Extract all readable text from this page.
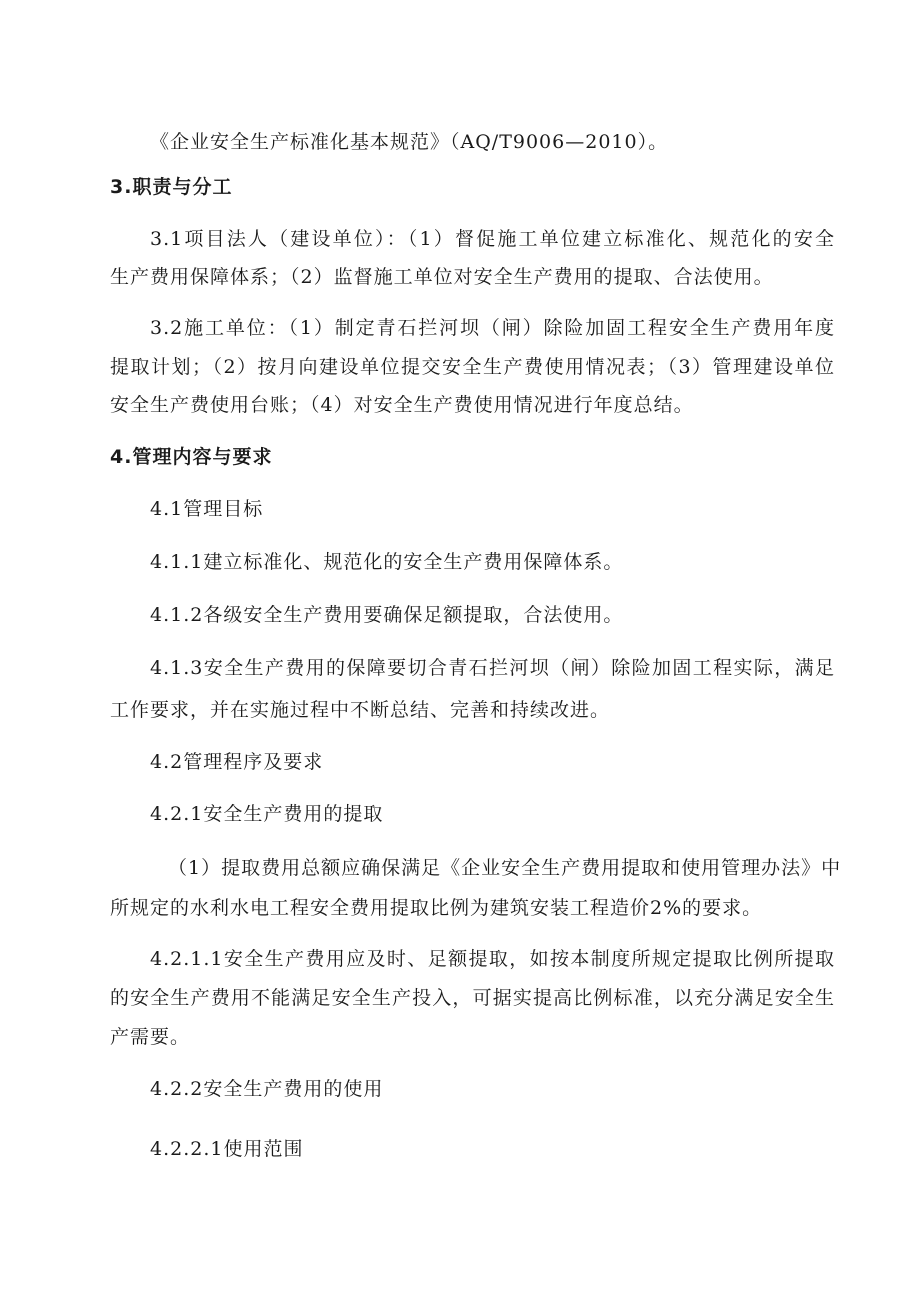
《企业安全生产标准化基本规范》（AQ/T9006—2010）。
3.职责与分工
3.1项目法人（建设单位）：（1）督促施工单位建立标准化、规范化的安全
生产费用保障体系；（2）监督施工单位对安全生产费用的提取、合法使用。
3.2施工单位：（1）制定青石拦河坝（闸）除险加固工程安全生产费用年度
提取计划；（2）按月向建设单位提交安全生产费使用情况表；（3）管理建设单位
安全生产费使用台账；（4）对安全生产费使用情况进行年度总结。
4.管理内容与要求
4.1管理目标
4.1.1建立标准化、规范化的安全生产费用保障体系。
4.1.2各级安全生产费用要确保足额提取，合法使用。
4.1.3安全生产费用的保障要切合青石拦河坝（闸）除险加固工程实际，满足
工作要求，并在实施过程中不断总结、完善和持续改进。
4.2管理程序及要求
4.2.1安全生产费用的提取
（1）提取费用总额应确保满足《企业安全生产费用提取和使用管理办法》中
所规定的水利水电工程安全费用提取比例为建筑安装工程造价2%的要求。
4.2.1.1安全生产费用应及时、足额提取，如按本制度所规定提取比例所提取
的安全生产费用不能满足安全生产投入，可据实提高比例标准，以充分满足安全生
产需要。
4.2.2安全生产费用的使用
4.2.2.1使用范围
